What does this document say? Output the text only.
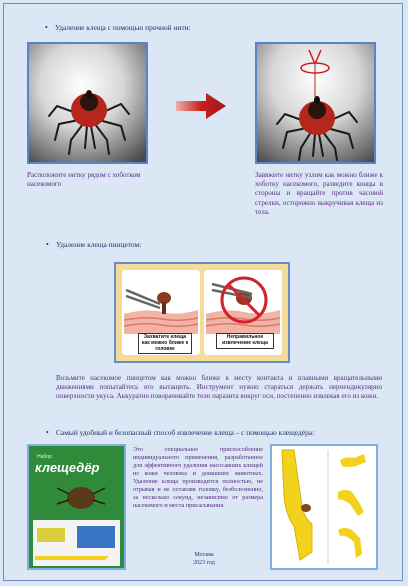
• Удаление клеща с помощью прочной нити:
Расположите нитку рядом с хоботком насекомого
Завяжите нитку узлом как можно ближе к хоботку насекомого, разведите концы в стороны и вращайте против часовой стрелки, осторожно выкручивая клеща из тела.
• Удаление клеща пинцетом:
Захватите клеща как можно ближе к головке
Неправильное извлечение клеща
Возьмите насекомое пинцетом как можно ближе к месту контакта и плавными вращательными движениями попытайтесь его вытащить. Инструмент нужно стараться держать перпендикулярно поверхности укуса. Аккуратно поворачивайте тело паразита вокруг оси, постепенно извлекая его из кожи.
• Самый удобный и безопасный способ извлечение клеща – с помощью клещедёра:
Набор
клещедёр
Это специальное приспособление индивидуального применения, разработанное для эффективного удаления насосавших клещей из кожи человека и домашних животных. Удаление клеща производится полностью, не отрывая и не оставляя головку, безболезненно, за несколько секунд, независимо от размера насекомого и места присасывания.
Москва
2023 год
